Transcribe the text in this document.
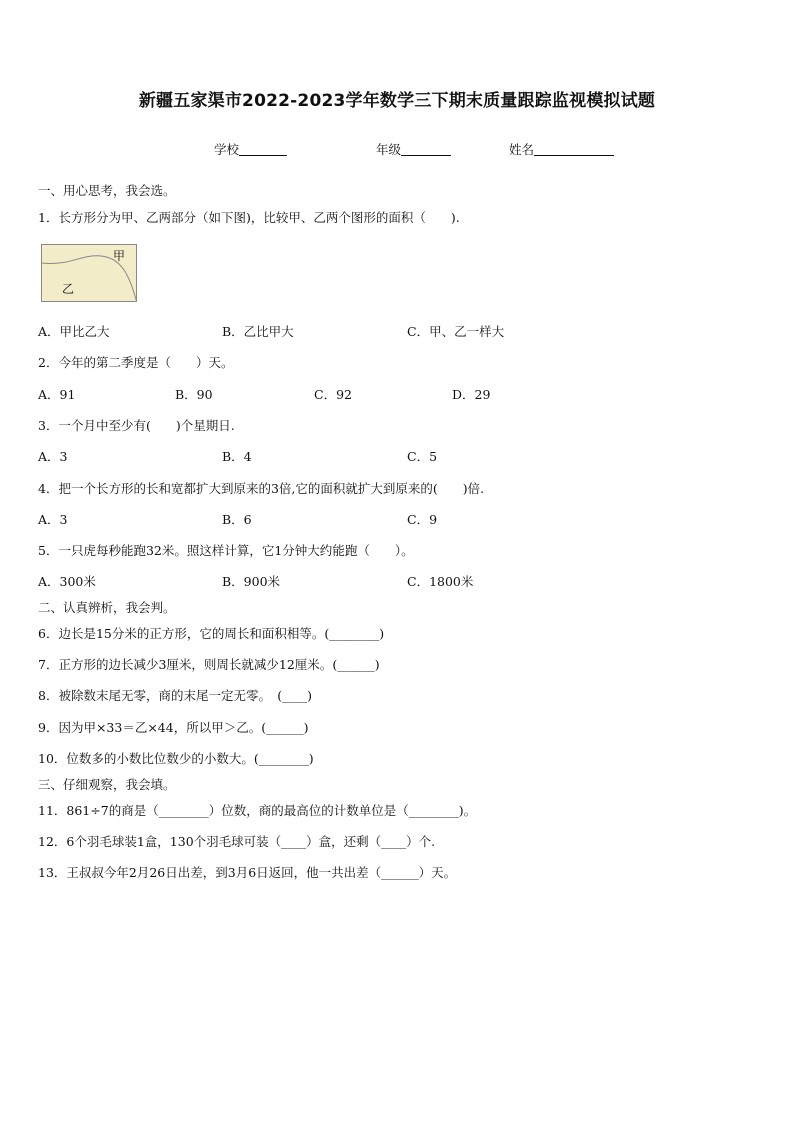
新疆五家渠市2022-2023学年数学三下期末质量跟踪监视模拟试题
学校	年级	姓名
一、用心思考，我会选。
1．长方形分为甲、乙两部分（如下图)，比较甲、乙两个图形的面积（　　).
甲
乙
A．甲比乙大	B．乙比甲大	C．甲、乙一样大
2．今年的第二季度是（　　）天。
A．91	B．90	C．92	D．29
3．一个月中至少有(　　)个星期日.
A．3	B．4	C．5
4．把一个长方形的长和宽都扩大到原来的3倍,它的面积就扩大到原来的(　　)倍.
A．3	B．6	C．9
5．一只虎每秒能跑32米。照这样计算，它1分钟大约能跑（　　）。
A．300米	B．900米	C．1800米
二、认真辨析，我会判。
6．边长是15分米的正方形，它的周长和面积相等。(________)
7．正方形的边长减少3厘米，则周长就减少12厘米。(______)
8．被除数末尾无零，商的末尾一定无零。　(____)
9．因为甲×33＝乙×44，所以甲＞乙。(______)
10．位数多的小数比位数少的小数大。(________)
三、仔细观察，我会填。
11．861÷7的商是（________）位数，商的最高位的计数单位是（________)。
12．6个羽毛球装1盒，130个羽毛球可装（____）盒，还剩（____）个.
13．王叔叔今年2月26日出差，到3月6日返回，他一共出差（______）天。
